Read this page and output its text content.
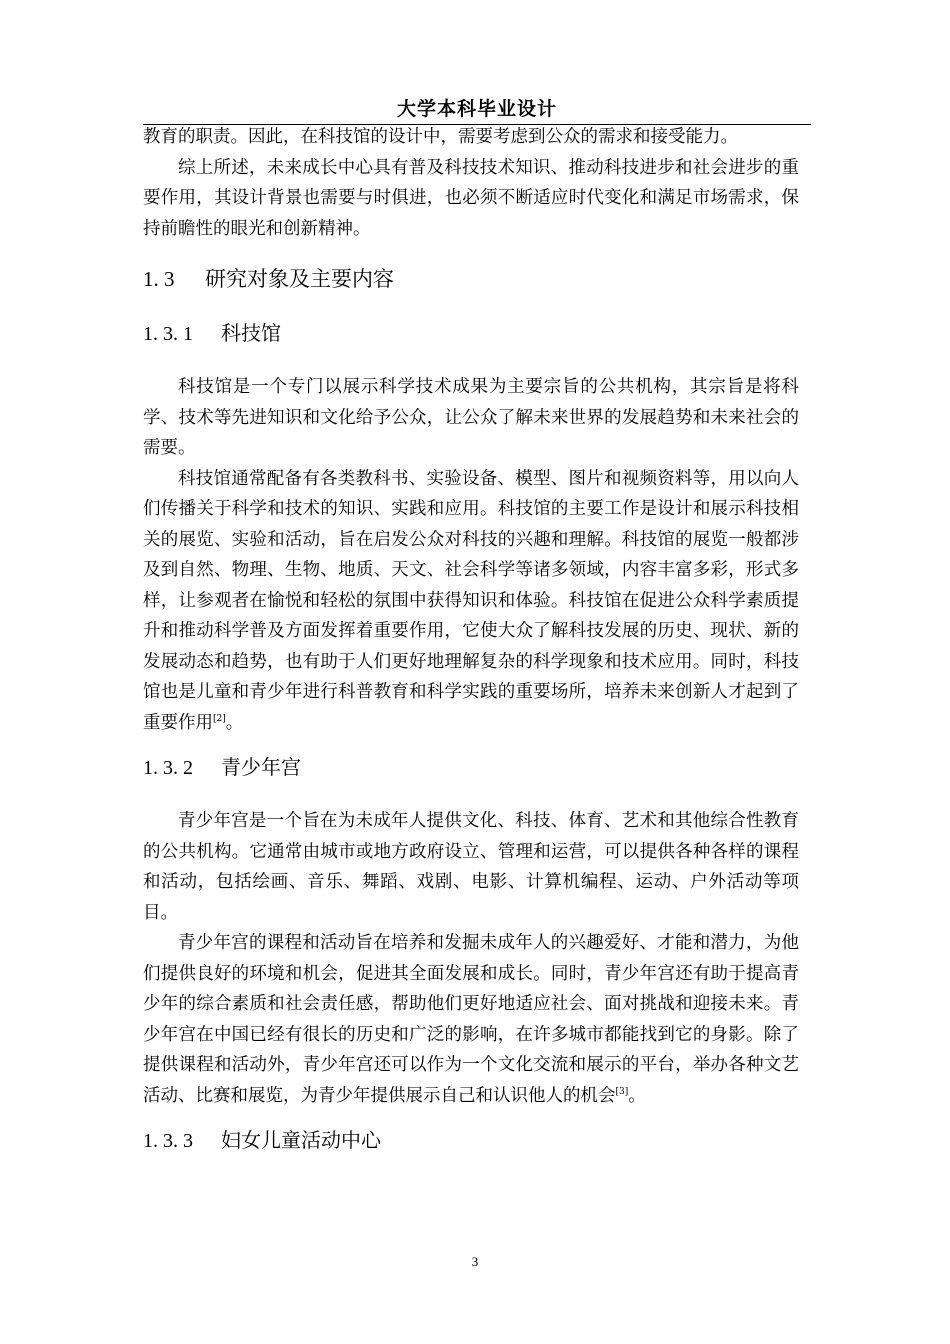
大学本科毕业设计

教育的职责。因此，在科技馆的设计中，需要考虑到公众的需求和接受能力。

综上所述，未来成长中心具有普及科技技术知识、推动科技进步和社会进步的重要作用，其设计背景也需要与时俱进，也必须不断适应时代变化和满足市场需求，保持前瞻性的眼光和创新精神。

1. 3 研究对象及主要内容
1. 3. 1 科技馆

科技馆是一个专门以展示科学技术成果为主要宗旨的公共机构，其宗旨是将科学、技术等先进知识和文化给予公众，让公众了解未来世界的发展趋势和未来社会的需要。

科技馆通常配备有各类教科书、实验设备、模型、图片和视频资料等，用以向人们传播关于科学和技术的知识、实践和应用。科技馆的主要工作是设计和展示科技相关的展览、实验和活动，旨在启发公众对科技的兴趣和理解。科技馆的展览一般都涉及到自然、物理、生物、地质、天文、社会科学等诸多领域，内容丰富多彩，形式多样，让参观者在愉悦和轻松的氛围中获得知识和体验。科技馆在促进公众科学素质提升和推动科学普及方面发挥着重要作用，它使大众了解科技发展的历史、现状、新的发展动态和趋势，也有助于人们更好地理解复杂的科学现象和技术应用。同时，科技馆也是儿童和青少年进行科普教育和科学实践的重要场所，培养未来创新人才起到了重要作用[2]。

1. 3. 2 青少年宫

青少年宫是一个旨在为未成年人提供文化、科技、体育、艺术和其他综合性教育的公共机构。它通常由城市或地方政府设立、管理和运营，可以提供各种各样的课程和活动，包括绘画、音乐、舞蹈、戏剧、电影、计算机编程、运动、户外活动等项目。

青少年宫的课程和活动旨在培养和发掘未成年人的兴趣爱好、才能和潜力，为他们提供良好的环境和机会，促进其全面发展和成长。同时，青少年宫还有助于提高青少年的综合素质和社会责任感，帮助他们更好地适应社会、面对挑战和迎接未来。青少年宫在中国已经有很长的历史和广泛的影响，在许多城市都能找到它的身影。除了提供课程和活动外，青少年宫还可以作为一个文化交流和展示的平台，举办各种文艺活动、比赛和展览，为青少年提供展示自己和认识他人的机会[3]。

1. 3. 3 妇女儿童活动中心
3
